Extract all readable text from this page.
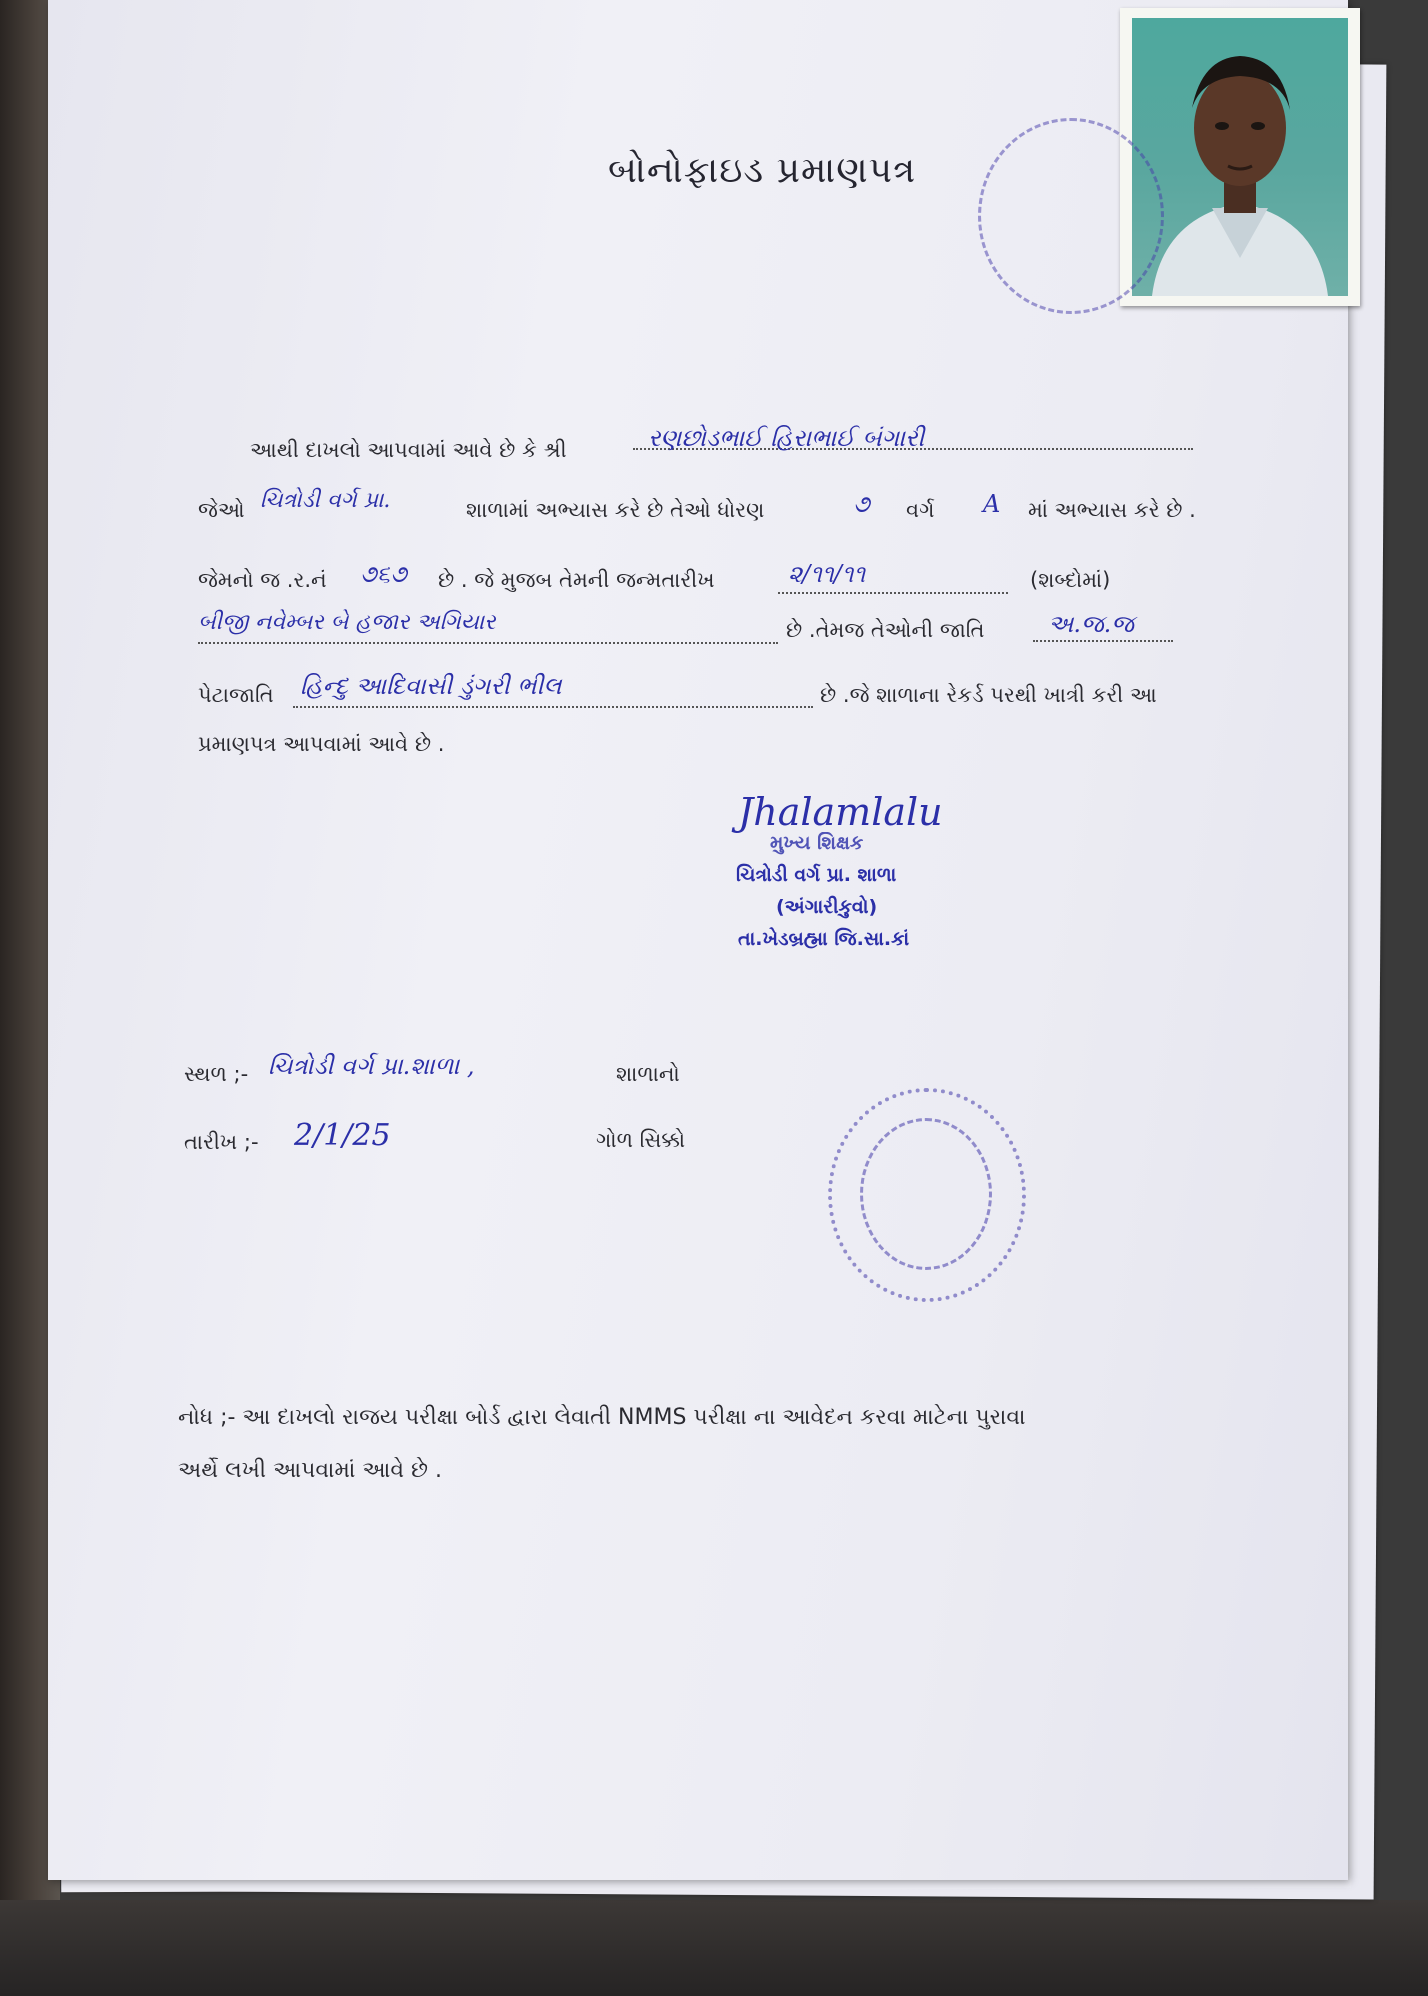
બોનોફાઇડ પ્રમાણપત્ર
આથી દાખલો આપવામાં આવે છે કે શ્રી	રણછોડભાઈ હિરાભાઈ બંગારી
જેઓ ચિત્રોડી વર્ગ પ્રા.	શાળામાં અભ્યાસ કરે છે તેઓ ધોરણ	૭ વર્ગ A માં અભ્યાસ કરે છે .
જેમનો જ .ર.નં ૭૬૭ છે . જે મુજબ તેમની જન્મતારીખ	૨/૧૧/૧૧	(શબ્દોમાં)
બીજી નવેમ્બર બે હજાર અગિયાર	છે .તેમજ તેઓની જાતિ	અ.જ.જ
પેટાજાતિ હિન્દુ આદિવાસી ડુંગરી ભીલ	છે .જે શાળાના રેકર્ડ પરથી ખાત્રી કરી આ
પ્રમાણપત્ર આપવામાં આવે છે .
Jhalamlalu
મુખ્ય શિક્ષક
ચિત્રોડી વર્ગ પ્રા. શાળા
(અંગારીકુવો)
તા.ખેડબ્રહ્મા જિ.સા.કાં
સ્થળ ;- ચિત્રોડી વર્ગ પ્રા.શાળા ,	શાળાનો
તારીખ ;- 2/1/25	ગોળ સિક્કો
નોધ ;- આ દાખલો રાજય પરીક્ષા બોર્ડ દ્વારા લેવાતી NMMS પરીક્ષા ના આવેદન કરવા માટેના પુરાવા
અર્થે લખી આપવામાં આવે છે .
